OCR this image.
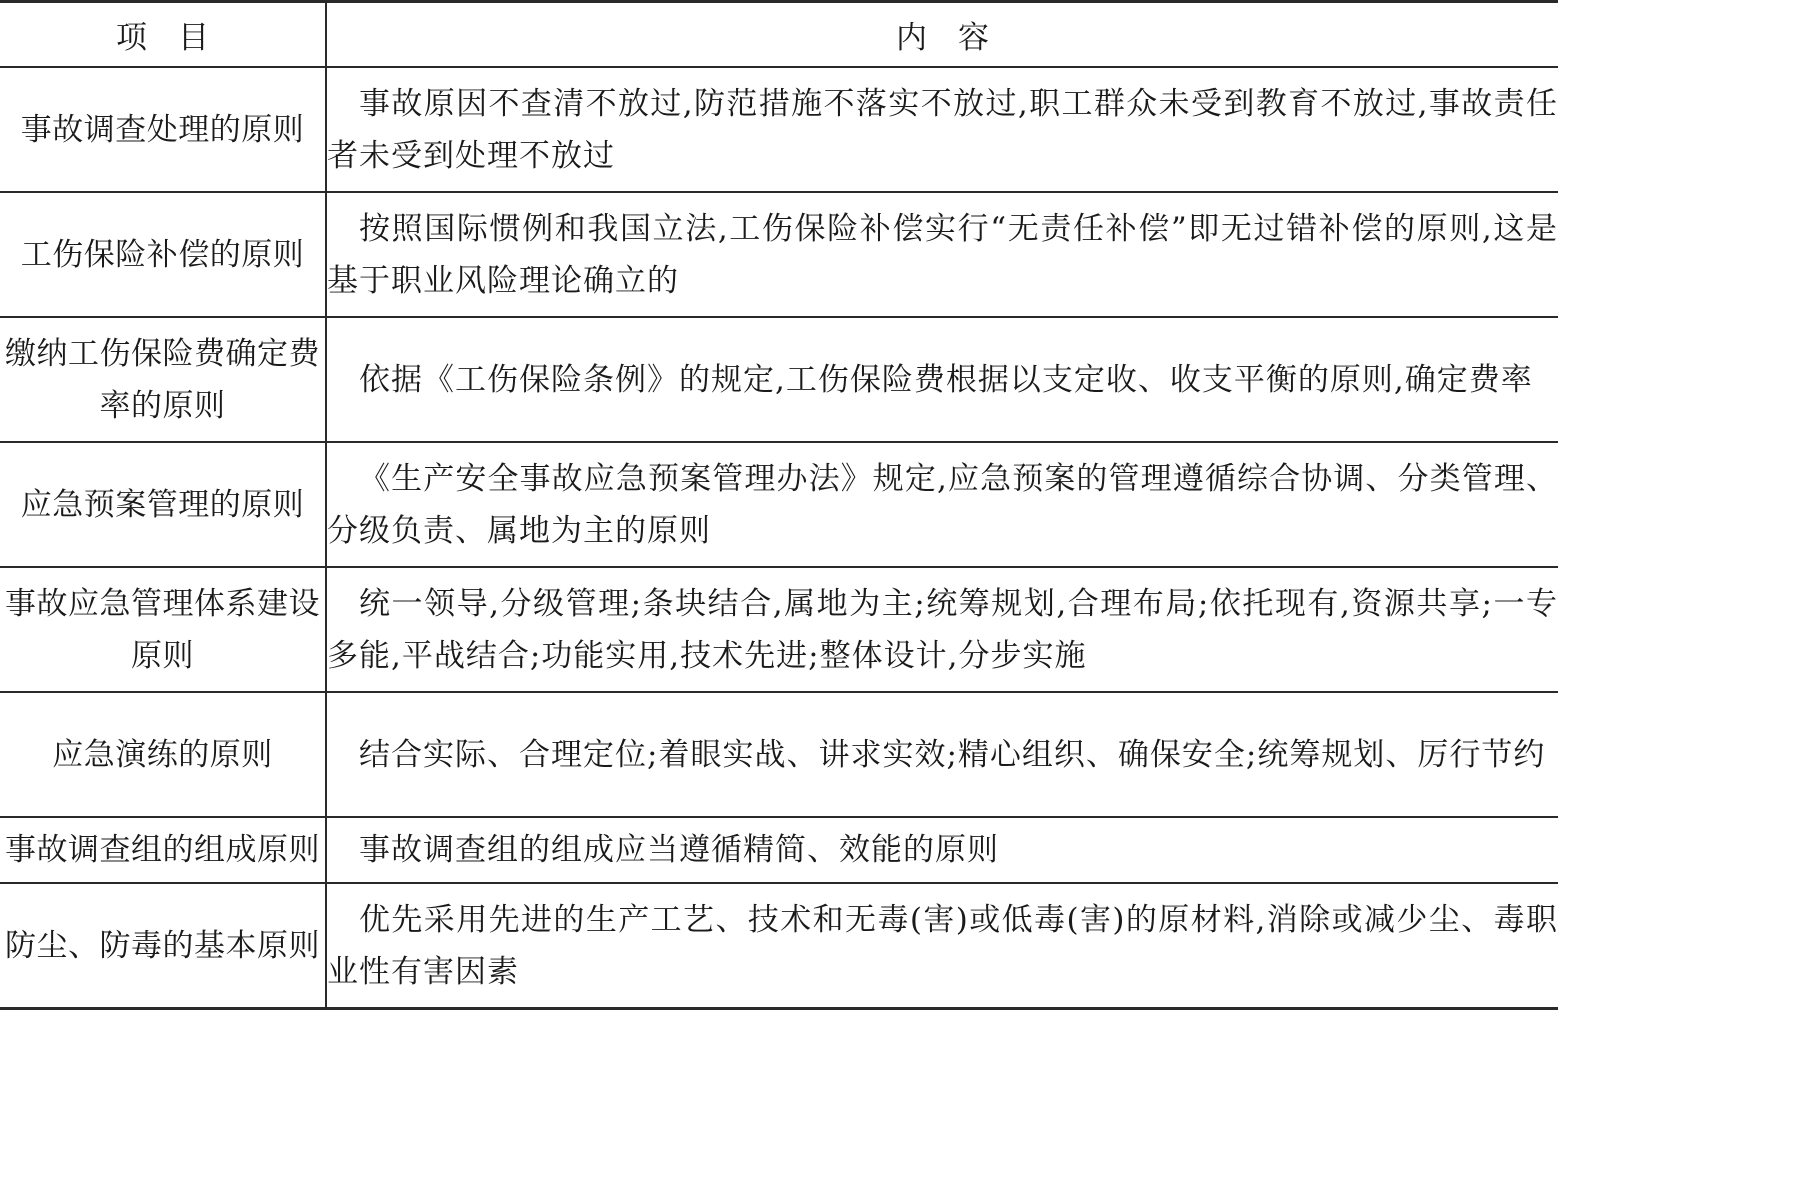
项　目	内　容
事故调查处理的原则	事故原因不查清不放过,防范措施不落实不放过,职工群众未受到教育不放过,事故责任者未受到处理不放过
工伤保险补偿的原则	按照国际惯例和我国立法,工伤保险补偿实行“无责任补偿”即无过错补偿的原则,这是基于职业风险理论确立的
缴纳工伤保险费确定费率的原则	依据《工伤保险条例》的规定,工伤保险费根据以支定收、收支平衡的原则,确定费率
应急预案管理的原则	《生产安全事故应急预案管理办法》规定,应急预案的管理遵循综合协调、分类管理、分级负责、属地为主的原则
事故应急管理体系建设原则	统一领导,分级管理;条块结合,属地为主;统筹规划,合理布局;依托现有,资源共享;一专多能,平战结合;功能实用,技术先进;整体设计,分步实施
应急演练的原则	结合实际、合理定位;着眼实战、讲求实效;精心组织、确保安全;统筹规划、厉行节约
事故调查组的组成原则	事故调查组的组成应当遵循精简、效能的原则
防尘、防毒的基本原则	优先采用先进的生产工艺、技术和无毒(害)或低毒(害)的原材料,消除或减少尘、毒职业性有害因素
